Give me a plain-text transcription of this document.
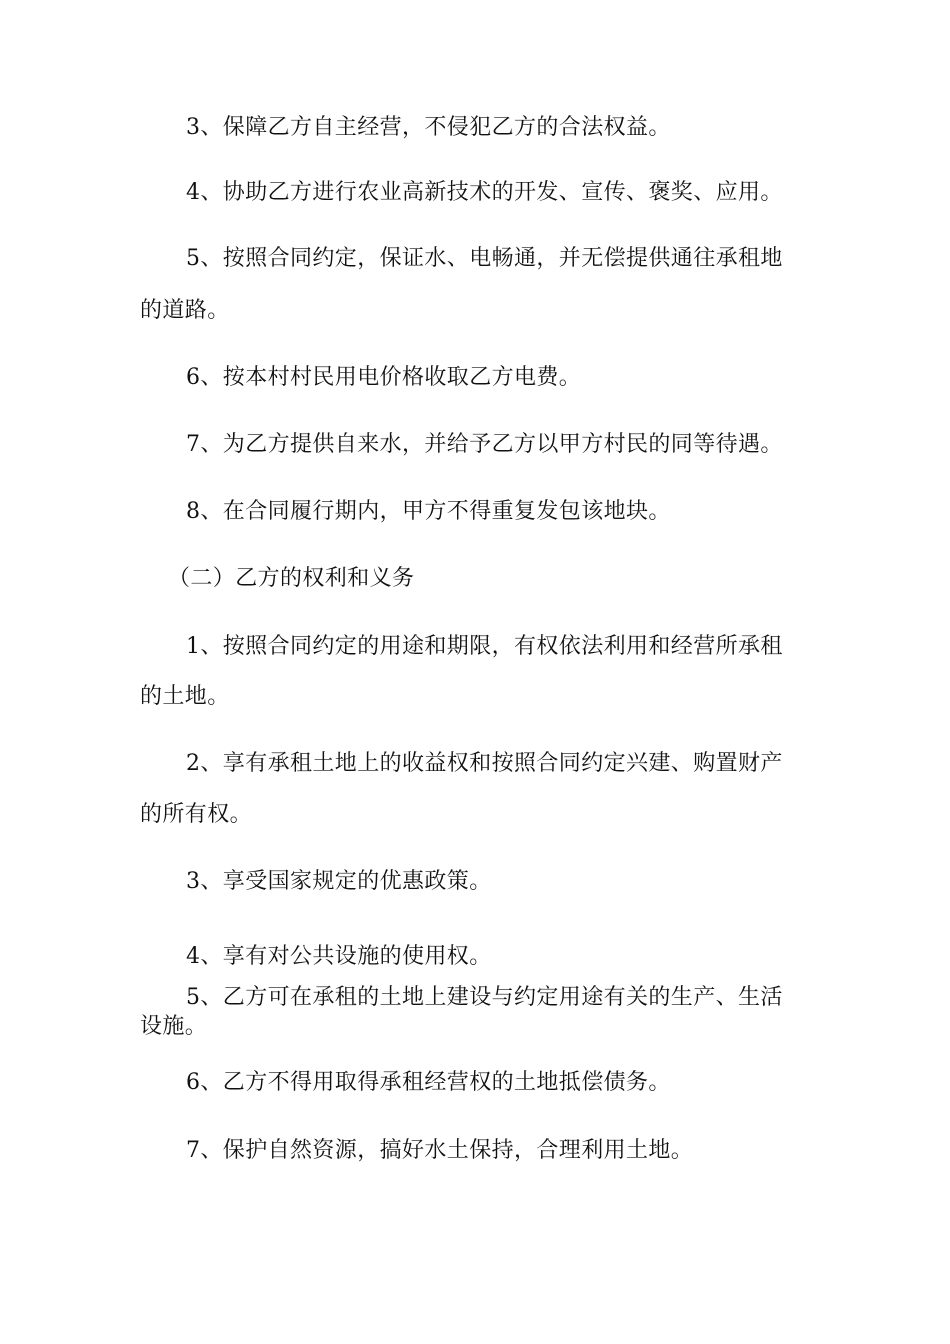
3、保障乙方自主经营，不侵犯乙方的合法权益。
4、协助乙方进行农业高新技术的开发、宣传、褒奖、应用。
5、按照合同约定，保证水、电畅通，并无偿提供通往承租地
的道路。
6、按本村村民用电价格收取乙方电费。
7、为乙方提供自来水，并给予乙方以甲方村民的同等待遇。
8、在合同履行期内，甲方不得重复发包该地块。
（二）乙方的权利和义务
1、按照合同约定的用途和期限，有权依法利用和经营所承租
的土地。
2、享有承租土地上的收益权和按照合同约定兴建、购置财产
的所有权。
3、享受国家规定的优惠政策。
4、享有对公共设施的使用权。
5、乙方可在承租的土地上建设与约定用途有关的生产、生活
设施。
6、乙方不得用取得承租经营权的土地抵偿债务。
7、保护自然资源，搞好水土保持，合理利用土地。
